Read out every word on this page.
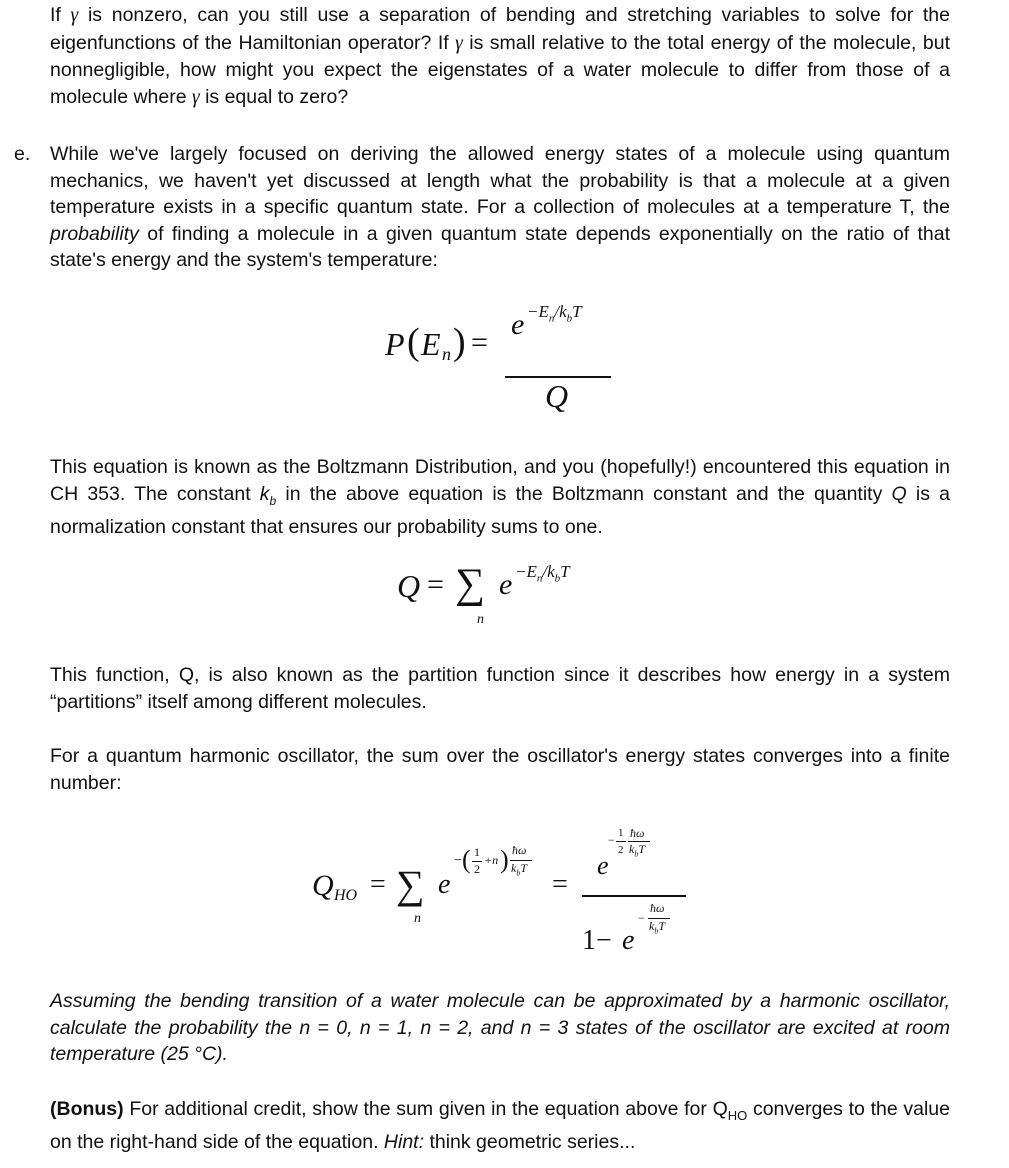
If γ is nonzero, can you still use a separation of bending and stretching variables to solve for the eigenfunctions of the Hamiltonian operator? If γ is small relative to the total energy of the molecule, but nonnegligible, how might you expect the eigenstates of a water molecule to differ from those of a molecule where γ is equal to zero?

e. While we've largely focused on deriving the allowed energy states of a molecule using quantum mechanics, we haven't yet discussed at length what the probability is that a molecule at a given temperature exists in a specific quantum state. For a collection of molecules at a temperature T, the probability of finding a molecule in a given quantum state depends exponentially on the ratio of that state's energy and the system's temperature:

P ( E n ) =
$e -E_n/k_bT$
Q

This equation is known as the Boltzmann Distribution, and you (hopefully!) encountered this equation in CH 353. The constant $k_b$ in the above equation is the Boltzmann constant and the quantity Q is a normalization constant that ensures our probability sums to one.

Q = ∑
n
$e -E_n/k_bT$

This function, Q, is also known as the partition function since it describes how energy in a system “partitions” itself among different molecules.

For a quantum harmonic oscillator, the sum over the oscillator's energy states converges into a finite number:

Q HO = ∑
n
e
− ( 1
2
+n ) ħω
$k_bT$
=
e
− 1
2
ħω
$k_bT$
1− e
−
ħω
$k_bT$

Assuming the bending transition of a water molecule can be approximated by a harmonic oscillator, calculate the probability the n = 0, n = 1, n = 2, and n = 3 states of the oscillator are excited at room temperature (25 °C).

(Bonus) For additional credit, show the sum given in the equation above for $Q_{HO}$ converges to the value on the right-hand side of the equation. Hint: think geometric series...
